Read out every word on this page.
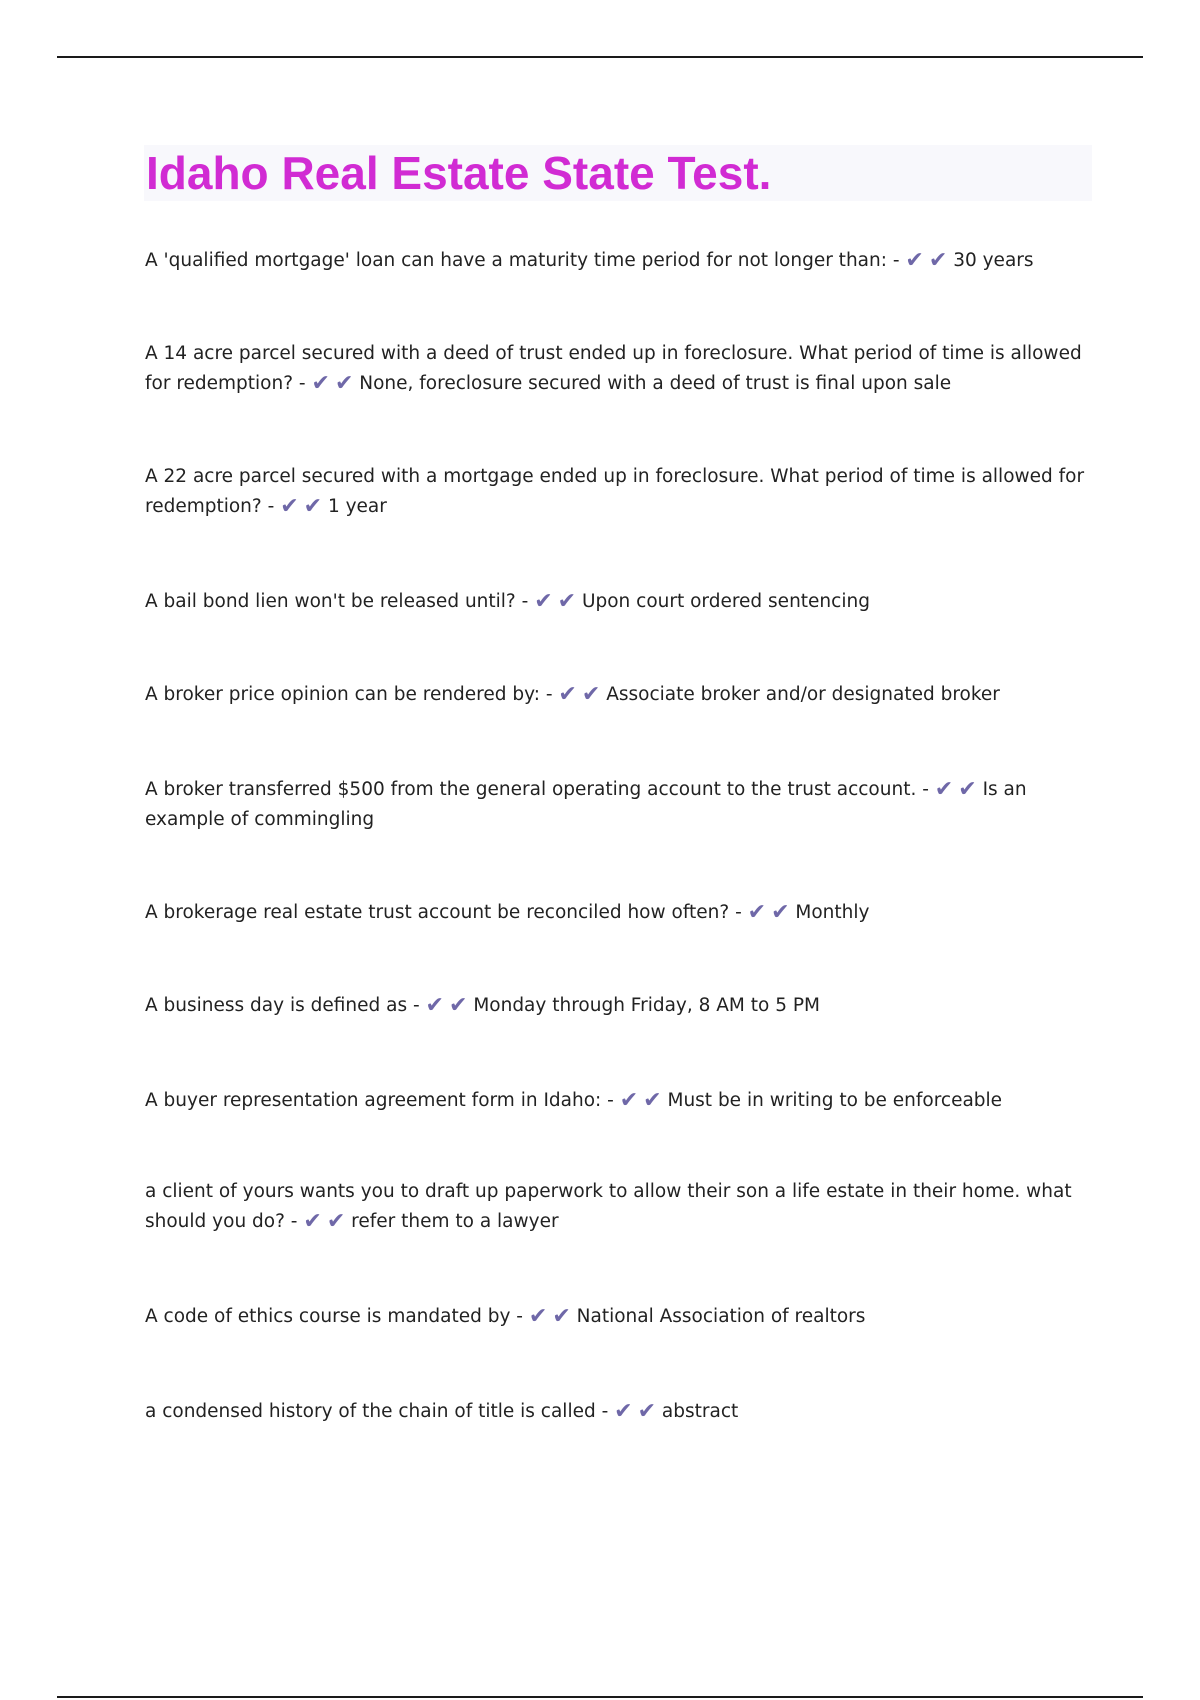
Idaho Real Estate State Test.

A 'qualified mortgage' loan can have a maturity time period for not longer than: - ✔ ✔ 30 years

A 14 acre parcel secured with a deed of trust ended up in foreclosure. What period of time is allowed for redemption? - ✔ ✔ None, foreclosure secured with a deed of trust is final upon sale

A 22 acre parcel secured with a mortgage ended up in foreclosure. What period of time is allowed for redemption? - ✔ ✔ 1 year

A bail bond lien won't be released until? - ✔ ✔ Upon court ordered sentencing

A broker price opinion can be rendered by: - ✔ ✔ Associate broker and/or designated broker

A broker transferred $500 from the general operating account to the trust account. - ✔ ✔ Is an example of commingling

A brokerage real estate trust account be reconciled how often? - ✔ ✔ Monthly

A business day is defined as - ✔ ✔ Monday through Friday, 8 AM to 5 PM

A buyer representation agreement form in Idaho: - ✔ ✔ Must be in writing to be enforceable

a client of yours wants you to draft up paperwork to allow their son a life estate in their home. what should you do? - ✔ ✔ refer them to a lawyer

A code of ethics course is mandated by - ✔ ✔ National Association of realtors

a condensed history of the chain of title is called - ✔ ✔ abstract
